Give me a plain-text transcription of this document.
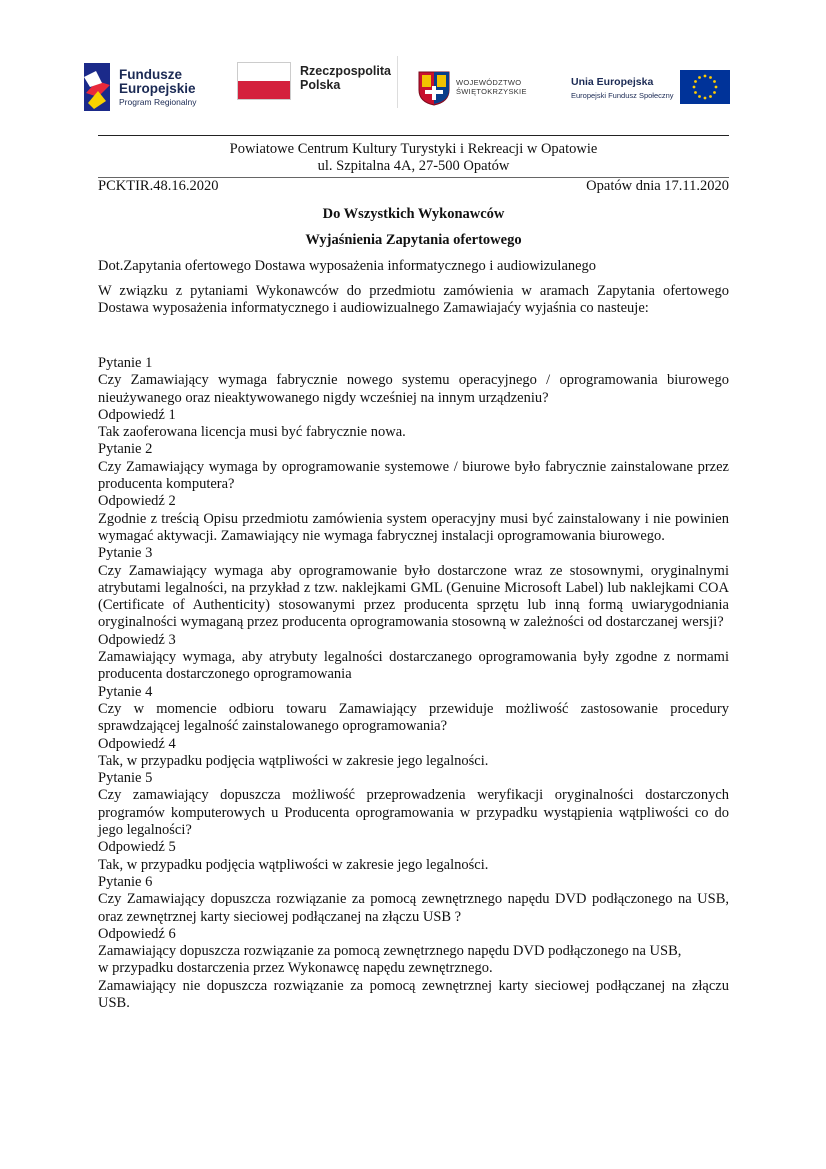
Fundusze
Europejskie
Program Regionalny
Rzeczpospolita
Polska	WOJEWÓDZTWO
ŚWIĘTOKRZYSKIE
Unia Europejska
Europejski Fundusz Społeczny
Powiatowe Centrum Kultury Turystyki i Rekreacji w Opatowie
ul. Szpitalna 4A, 27-500 Opatów
PCKTIR.48.16.2020	Opatów dnia 17.11.2020
Do Wszystkich Wykonawców
Wyjaśnienia Zapytania ofertowego
Dot.Zapytania ofertowego Dostawa wyposażenia informatycznego i audiowizulanego
W związku z pytaniami Wykonawców do przedmiotu zamówienia w aramach Zapytania ofertowego Dostawa wyposażenia informatycznego i audiowizualnego Zamawiajaćy wyjaśnia co nasteuje:

Pytanie 1

Czy Zamawiający wymaga fabrycznie nowego systemu operacyjnego / oprogramowania biurowego nieużywanego oraz nieaktywowanego nigdy wcześniej na innym urządzeniu?

Odpowiedź 1

Tak zaoferowana licencja musi być fabrycznie nowa.

Pytanie 2

Czy Zamawiający wymaga by oprogramowanie systemowe / biurowe było fabrycznie zainstalowane przez producenta komputera?

Odpowiedź 2

Zgodnie z treścią Opisu przedmiotu zamówienia system operacyjny musi być zainstalowany i nie powinien wymagać aktywacji. Zamawiający nie wymaga fabrycznej instalacji oprogramowania biurowego.

Pytanie 3

Czy Zamawiający wymaga aby oprogramowanie było dostarczone wraz ze stosownymi, oryginalnymi atrybutami legalności, na przykład z tzw. naklejkami GML (Genuine Microsoft Label) lub naklejkami COA (Certificate of Authenticity) stosowanymi przez producenta sprzętu lub inną formą uwiarygodniania oryginalności wymaganą przez producenta oprogramowania stosowną w zależności od dostarczanej wersji?

Odpowiedź 3

Zamawiający wymaga, aby atrybuty legalności dostarczanego oprogramowania były zgodne z normami producenta dostarczonego oprogramowania

Pytanie 4

Czy w momencie odbioru towaru Zamawiający przewiduje możliwość zastosowanie procedury sprawdzającej legalność zainstalowanego oprogramowania?

Odpowiedź 4

Tak, w przypadku podjęcia wątpliwości w zakresie jego legalności.

Pytanie 5

Czy zamawiający dopuszcza możliwość przeprowadzenia weryfikacji oryginalności dostarczonych programów komputerowych u Producenta oprogramowania w przypadku wystąpienia wątpliwości co do jego legalności?

Odpowiedź 5

Tak, w przypadku podjęcia wątpliwości w zakresie jego legalności.

Pytanie 6

Czy Zamawiający dopuszcza rozwiązanie za pomocą zewnętrznego napędu DVD podłączonego na USB, oraz zewnętrznej karty sieciowej podłączanej na złączu USB ?

Odpowiedź 6

Zamawiający dopuszcza rozwiązanie za pomocą zewnętrznego napędu DVD podłączonego na USB,

w przypadku dostarczenia przez Wykonawcę napędu zewnętrznego.

Zamawiający nie dopuszcza rozwiązanie za pomocą zewnętrznej karty sieciowej podłączanej na złączu USB.
